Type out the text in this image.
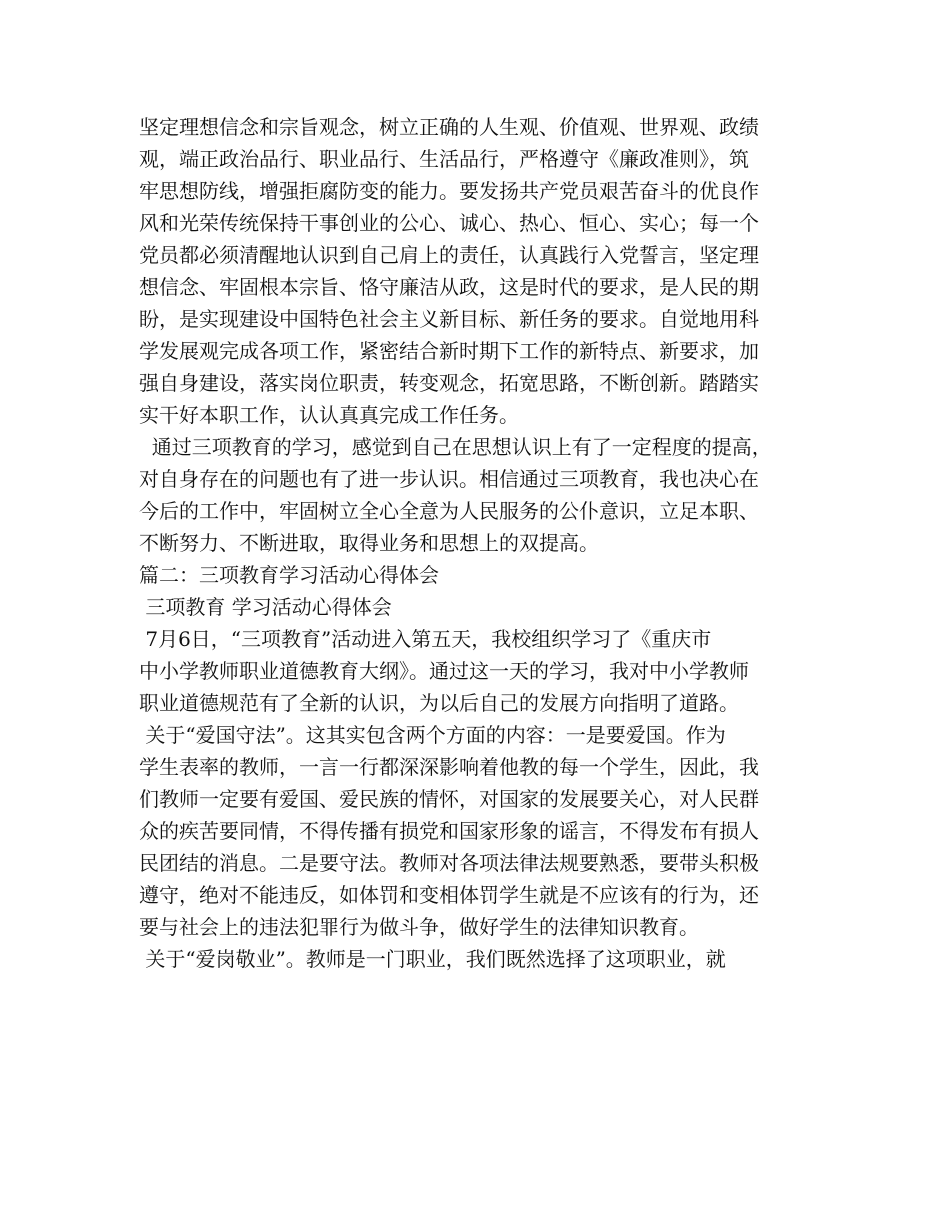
坚定理想信念和宗旨观念，树立正确的人生观、价值观、世界观、政绩
观，端正政治品行、职业品行、生活品行，严格遵守《廉政准则》，筑
牢思想防线，增强拒腐防变的能力。要发扬共产党员艰苦奋斗的优良作
风和光荣传统保持干事创业的公心、诚心、热心、恒心、实心；每一个
党员都必须清醒地认识到自己肩上的责任，认真践行入党誓言，坚定理
想信念、牢固根本宗旨、恪守廉洁从政，这是时代的要求，是人民的期
盼，是实现建设中国特色社会主义新目标、新任务的要求。自觉地用科
学发展观完成各项工作，紧密结合新时期下工作的新特点、新要求，加
强自身建设，落实岗位职责，转变观念，拓宽思路，不断创新。踏踏实
实干好本职工作，认认真真完成工作任务。
通过三项教育的学习，感觉到自己在思想认识上有了一定程度的提高，
对自身存在的问题也有了进一步认识。相信通过三项教育，我也决心在
今后的工作中，牢固树立全心全意为人民服务的公仆意识，立足本职、
不断努力、不断进取，取得业务和思想上的双提高。
篇二：三项教育学习活动心得体会
三项教育 学习活动心得体会
7月6日，“三项教育”活动进入第五天，我校组织学习了《重庆市
中小学教师职业道德教育大纲》。通过这一天的学习，我对中小学教师
职业道德规范有了全新的认识，为以后自己的发展方向指明了道路。
关于“爱国守法”。这其实包含两个方面的内容：一是要爱国。作为
学生表率的教师，一言一行都深深影响着他教的每一个学生，因此，我
们教师一定要有爱国、爱民族的情怀，对国家的发展要关心，对人民群
众的疾苦要同情，不得传播有损党和国家形象的谣言，不得发布有损人
民团结的消息。二是要守法。教师对各项法律法规要熟悉，要带头积极
遵守，绝对不能违反，如体罚和变相体罚学生就是不应该有的行为，还
要与社会上的违法犯罪行为做斗争，做好学生的法律知识教育。
关于“爱岗敬业”。教师是一门职业，我们既然选择了这项职业，就
